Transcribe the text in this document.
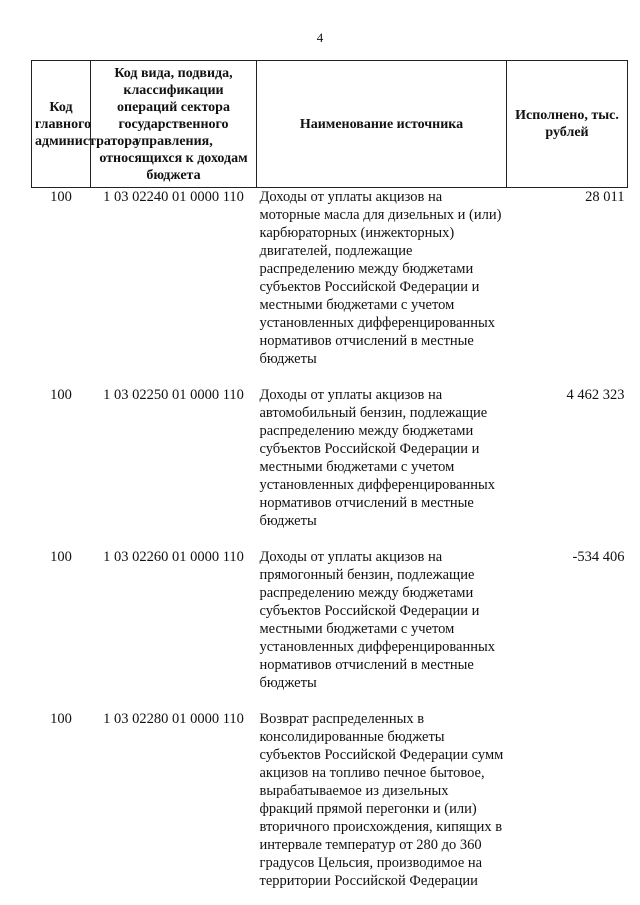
4
Код главного администратора	Код вида, подвида, классификации операций сектора государственного управления, относящихся к доходам бюджета	Наименование источника	Исполнено, тыс. рублей
100	1 03 02240 01 0000 110	Доходы от уплаты акцизов на моторные масла для дизельных и (или) карбюраторных (инжекторных) двигателей, подлежащие распределению между бюджетами субъектов Российской Федерации и местными бюджетами с учетом установленных дифференцированных нормативов отчислений в местные бюджеты	28 011
100	1 03 02250 01 0000 110	Доходы от уплаты акцизов на автомобильный бензин, подлежащие распределению между бюджетами субъектов Российской Федерации и местными бюджетами с учетом установленных дифференцированных нормативов отчислений в местные бюджеты	4 462 323
100	1 03 02260 01 0000 110	Доходы от уплаты акцизов на прямогонный бензин, подлежащие распределению между бюджетами субъектов Российской Федерации и местными бюджетами с учетом установленных дифференцированных нормативов отчислений в местные бюджеты	-534 406
100	1 03 02280 01 0000 110	Возврат распределенных в консолидированные бюджеты субъектов Российской Федерации сумм акцизов на топливо печное бытовое, вырабатываемое из дизельных фракций прямой перегонки и (или) вторичного происхождения, кипящих в интервале температур от 280 до 360 градусов Цельсия, производимое на территории Российской Федерации	
